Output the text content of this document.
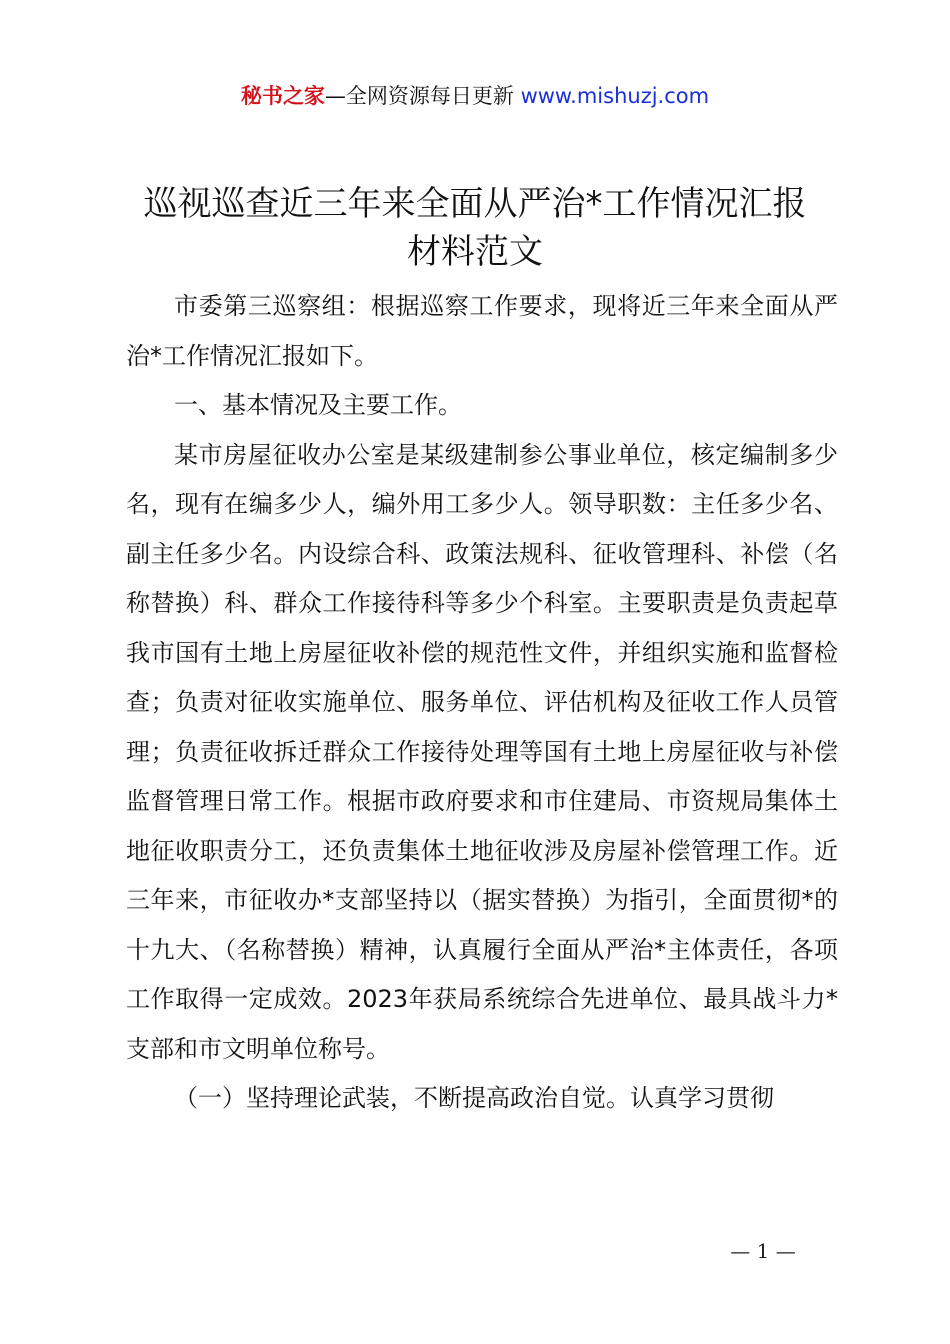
秘书之家—全网资源每日更新 www.mishuzj.com
巡视巡查近三年来全面从严治*工作情况汇报
材料范文

市委第三巡察组：根据巡察工作要求，现将近三年来全面从严治*工作情况汇报如下。

一、基本情况及主要工作。

某市房屋征收办公室是某级建制参公事业单位，核定编制多少名，现有在编多少人，编外用工多少人。领导职数：主任多少名、副主任多少名。内设综合科、政策法规科、征收管理科、补偿（名称替换）科、群众工作接待科等多少个科室。主要职责是负责起草我市国有土地上房屋征收补偿的规范性文件，并组织实施和监督检查；负责对征收实施单位、服务单位、评估机构及征收工作人员管理；负责征收拆迁群众工作接待处理等国有土地上房屋征收与补偿监督管理日常工作。根据市政府要求和市住建局、市资规局集体土地征收职责分工，还负责集体土地征收涉及房屋补偿管理工作。近三年来，市征收办*支部坚持以（据实替换）为指引，全面贯彻*的十九大、（名称替换）精神，认真履行全面从严治*主体责任，各项工作取得一定成效。2023年获局系统综合先进单位、最具战斗力*支部和市文明单位称号。

（一）坚持理论武装，不断提高政治自觉。认真学习贯彻

— 1 —
